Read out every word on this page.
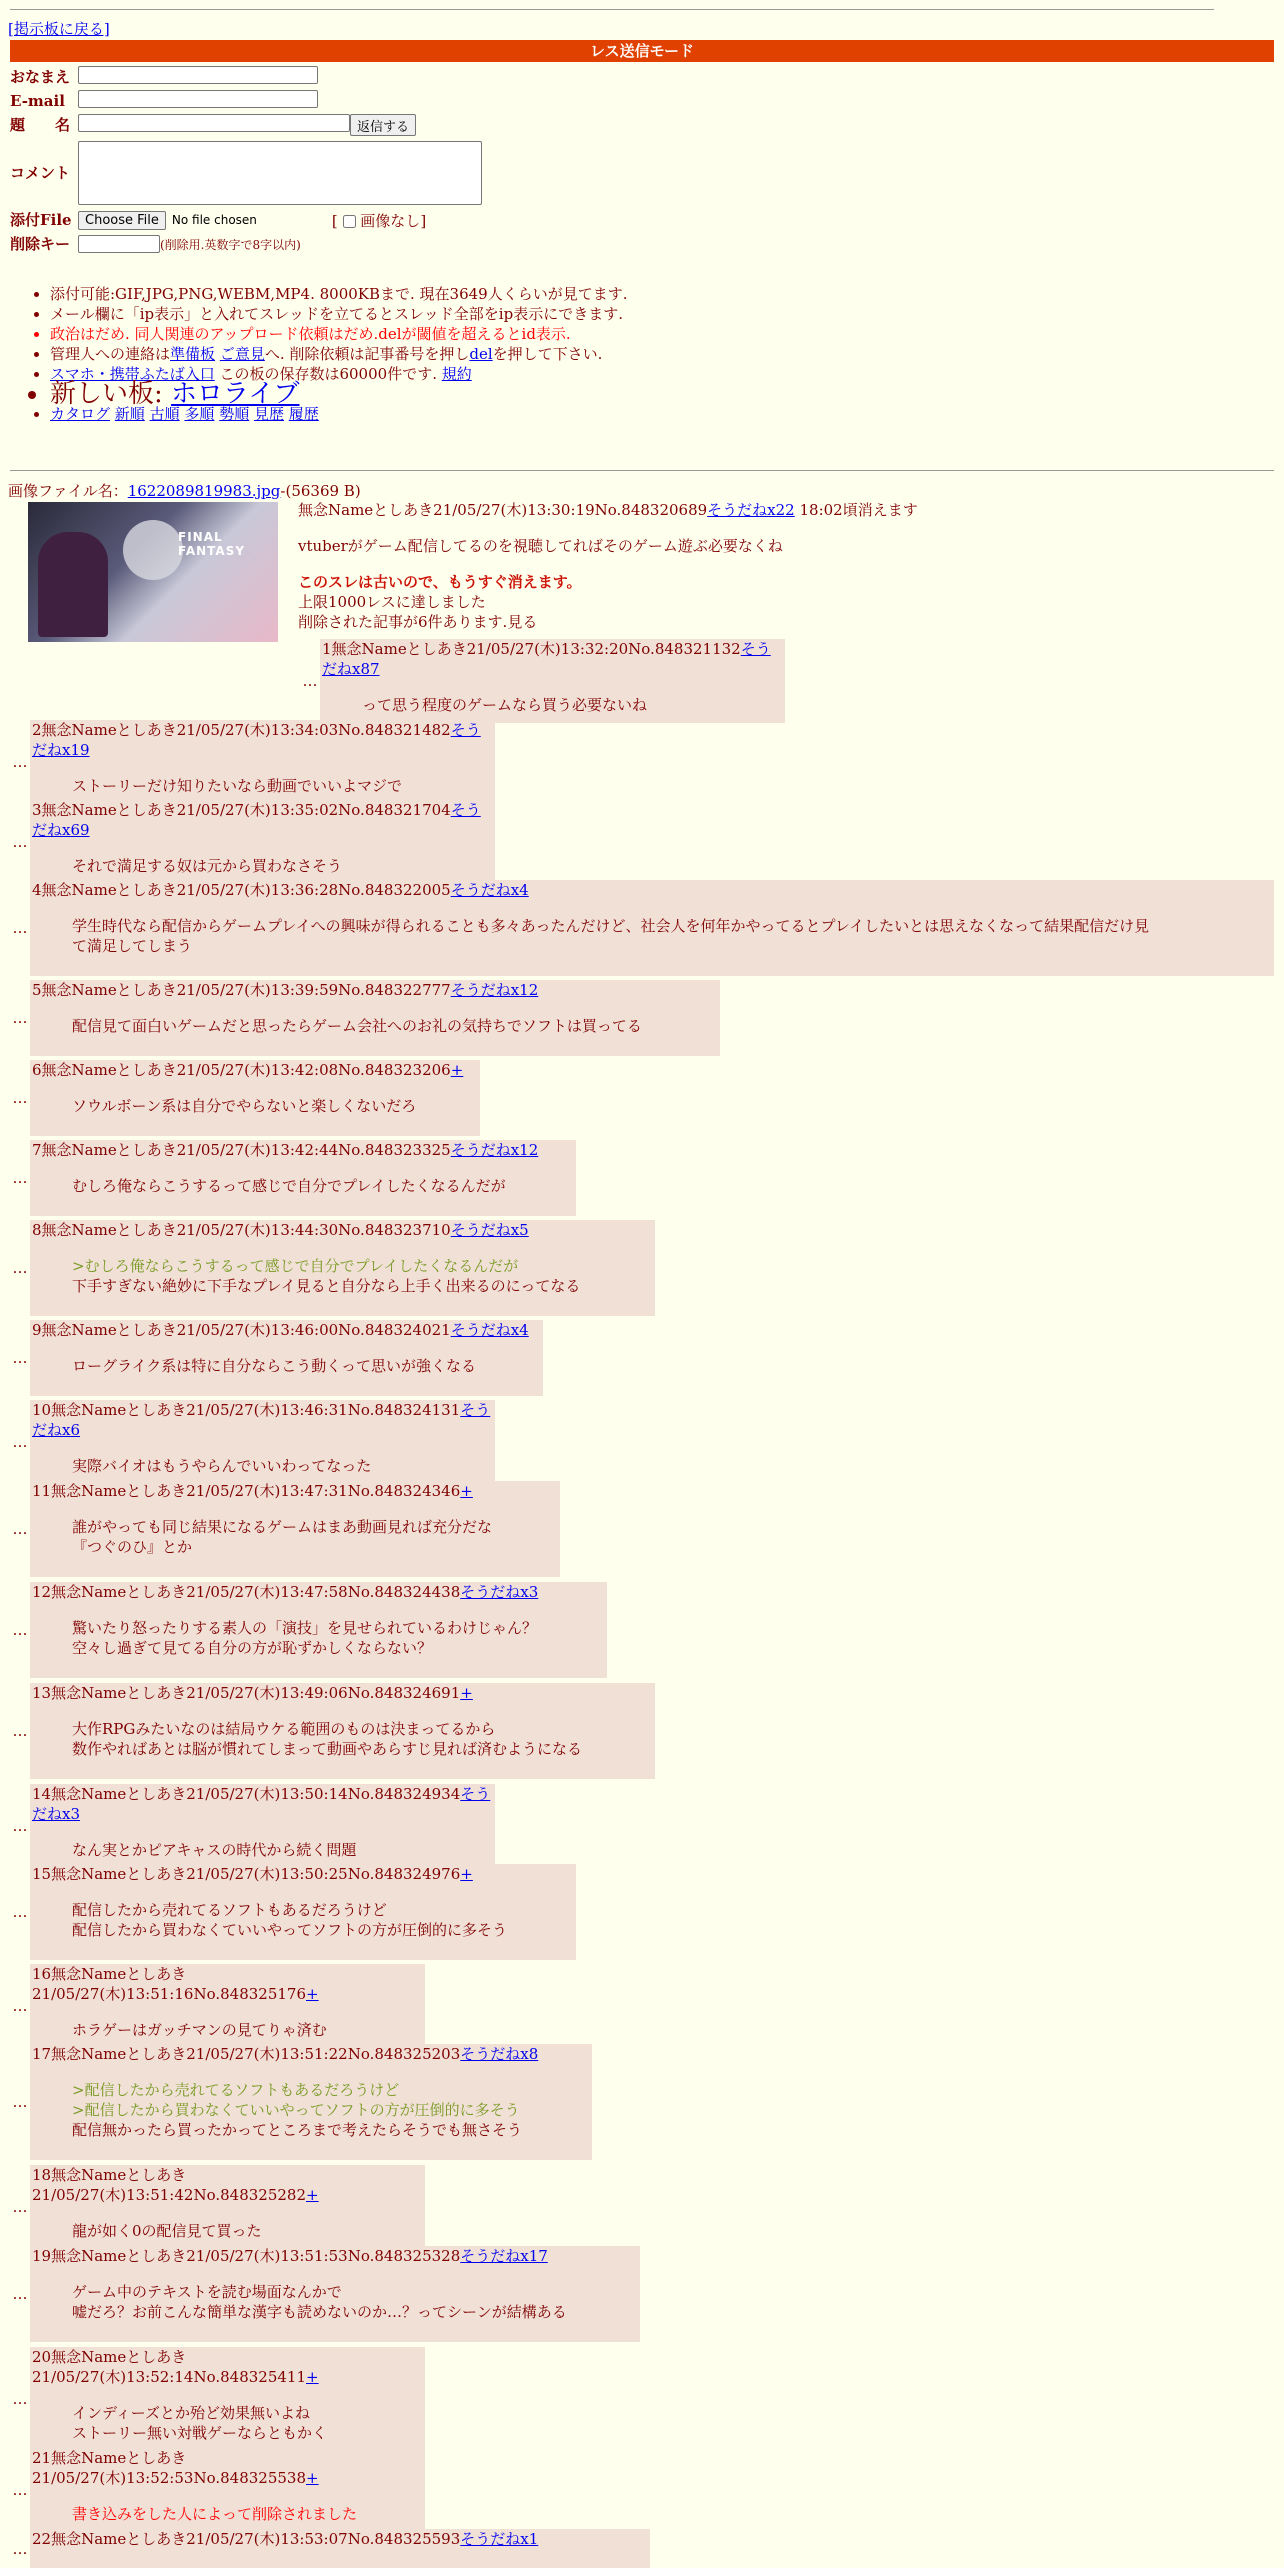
[掲示板に戻る]
レス送信モード
おなまえ
E-mail
題　　名	返信する
コメント
添付File	Choose File	No file chosen	[  画像なし]
削除キー	(削除用.英数字で8字以内)
• 添付可能:GIF,JPG,PNG,WEBM,MP4. 8000KBまで. 現在3649人くらいが見てます.
• メール欄に「ip表示」と入れてスレッドを立てるとスレッド全部をip表示にできます.
• 政治はだめ. 同人関連のアップロード依頼はだめ.delが閾値を超えるとid表示.
• 管理人への連絡は準備板 ご意見へ. 削除依頼は記事番号を押しdelを押して下さい.
• スマホ・携帯ふたば入口 この板の保存数は60000件です. 規約
• 新しい板: ホロライブ
• カタログ 新順 古順 多順 勢順 見歴 履歴
画像ファイル名：1622089819983.jpg-(56369 B)
FINAL FANTASY
無念Nameとしあき21/05/27(木)13:30:19No.848320689そうだねx22 18:02頃消えます
vtuberがゲーム配信してるのを視聴してればそのゲーム遊ぶ必要なくね
このスレは古いので、もうすぐ消えます。
上限1000レスに達しました
削除された記事が6件あります.見る
…
1無念Nameとしあき21/05/27(木)13:32:20No.848321132そうだねx87
って思う程度のゲームなら買う必要ないね
…
2無念Nameとしあき21/05/27(木)13:34:03No.848321482そうだねx19
ストーリーだけ知りたいなら動画でいいよマジで
…
3無念Nameとしあき21/05/27(木)13:35:02No.848321704そうだねx69
それで満足する奴は元から買わなさそう
…
4無念Nameとしあき21/05/27(木)13:36:28No.848322005そうだねx4
学生時代なら配信からゲームプレイへの興味が得られることも多々あったんだけど、社会人を何年かやってるとプレイしたいとは思えなくなって結果配信だけ見
て満足してしまう
…
5無念Nameとしあき21/05/27(木)13:39:59No.848322777そうだねx12
配信見て面白いゲームだと思ったらゲーム会社へのお礼の気持ちでソフトは買ってる
…
6無念Nameとしあき21/05/27(木)13:42:08No.848323206+
ソウルボーン系は自分でやらないと楽しくないだろ
…
7無念Nameとしあき21/05/27(木)13:42:44No.848323325そうだねx12
むしろ俺ならこうするって感じで自分でプレイしたくなるんだが
…
8無念Nameとしあき21/05/27(木)13:44:30No.848323710そうだねx5
>むしろ俺ならこうするって感じで自分でプレイしたくなるんだが
下手すぎない絶妙に下手なプレイ見ると自分なら上手く出来るのにってなる
…
9無念Nameとしあき21/05/27(木)13:46:00No.848324021そうだねx4
ローグライク系は特に自分ならこう動くって思いが強くなる
…
10無念Nameとしあき21/05/27(木)13:46:31No.848324131そうだねx6
実際バイオはもうやらんでいいわってなった
…
11無念Nameとしあき21/05/27(木)13:47:31No.848324346+
誰がやっても同じ結果になるゲームはまあ動画見れば充分だな
『つぐのひ』とか
…
12無念Nameとしあき21/05/27(木)13:47:58No.848324438そうだねx3
驚いたり怒ったりする素人の「演技」を見せられているわけじゃん？
空々し過ぎて見てる自分の方が恥ずかしくならない？
…
13無念Nameとしあき21/05/27(木)13:49:06No.848324691+
大作RPGみたいなのは結局ウケる範囲のものは決まってるから
数作やればあとは脳が慣れてしまって動画やあらすじ見れば済むようになる
…
14無念Nameとしあき21/05/27(木)13:50:14No.848324934そうだねx3
なん実とかピアキャスの時代から続く問題
…
15無念Nameとしあき21/05/27(木)13:50:25No.848324976+
配信したから売れてるソフトもあるだろうけど
配信したから買わなくていいやってソフトの方が圧倒的に多そう
…
16無念Nameとしあき21/05/27(木)13:51:16No.848325176+
ホラゲーはガッチマンの見てりゃ済む
…
17無念Nameとしあき21/05/27(木)13:51:22No.848325203そうだねx8
>配信したから売れてるソフトもあるだろうけど
>配信したから買わなくていいやってソフトの方が圧倒的に多そう
配信無かったら買ったかってところまで考えたらそうでも無さそう
…
18無念Nameとしあき21/05/27(木)13:51:42No.848325282+
龍が如く0の配信見て買った
…
19無念Nameとしあき21/05/27(木)13:51:53No.848325328そうだねx17
ゲーム中のテキストを読む場面なんかで
嘘だろ？お前こんな簡単な漢字も読めないのか…？ってシーンが結構ある
…
20無念Nameとしあき21/05/27(木)13:52:14No.848325411+
インディーズとか殆ど効果無いよね
ストーリー無い対戦ゲーならともかく
…
21無念Nameとしあき21/05/27(木)13:52:53No.848325538+
書き込みをした人によって削除されました
…
22無念Nameとしあき21/05/27(木)13:53:07No.848325593そうだねx1
